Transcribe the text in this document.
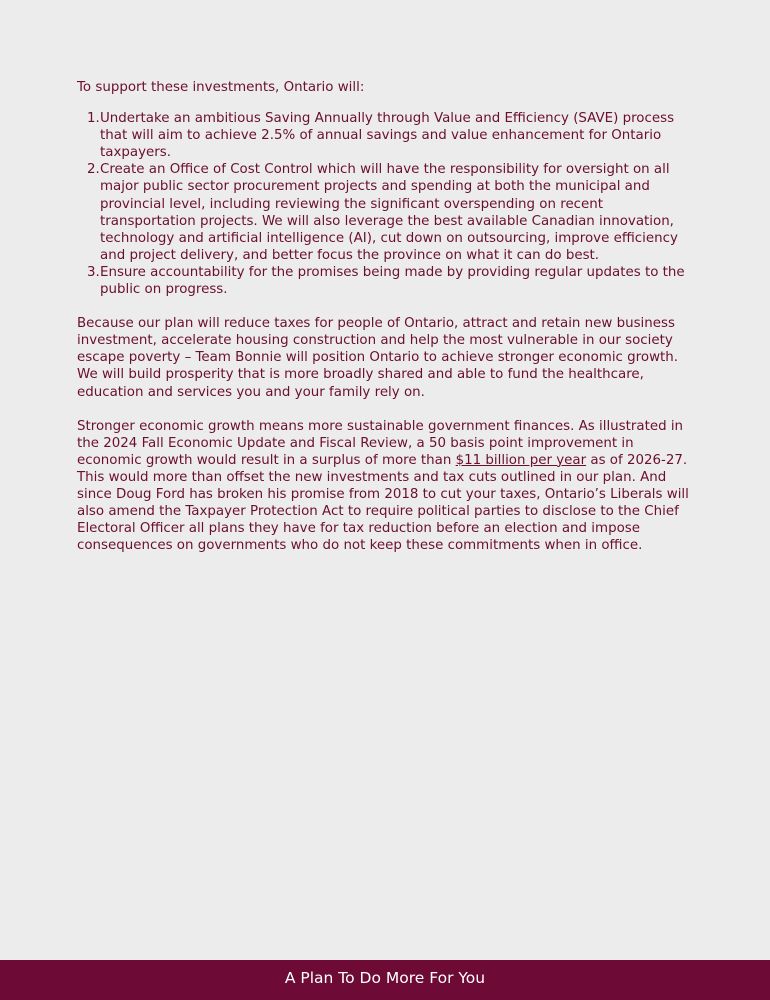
To support these investments, Ontario will:

1. Undertake an ambitious Saving Annually through Value and Efficiency (SAVE) process that will aim to achieve 2.5% of annual savings and value enhancement for Ontario taxpayers.
2. Create an Office of Cost Control which will have the responsibility for oversight on all major public sector procurement projects and spending at both the municipal and provincial level, including reviewing the significant overspending on recent transportation projects. We will also leverage the best available Canadian innovation, technology and artificial intelligence (AI), cut down on outsourcing, improve efficiency and project delivery, and better focus the province on what it can do best.
3. Ensure accountability for the promises being made by providing regular updates to the public on progress.

Because our plan will reduce taxes for people of Ontario, attract and retain new business investment, accelerate housing construction and help the most vulnerable in our society escape poverty – Team Bonnie will position Ontario to achieve stronger economic growth. We will build prosperity that is more broadly shared and able to fund the healthcare, education and services you and your family rely on.

Stronger economic growth means more sustainable government finances. As illustrated in the 2024 Fall Economic Update and Fiscal Review, a 50 basis point improvement in economic growth would result in a surplus of more than $11 billion per year as of 2026-27. This would more than offset the new investments and tax cuts outlined in our plan. And since Doug Ford has broken his promise from 2018 to cut your taxes, Ontario’s Liberals will also amend the Taxpayer Protection Act to require political parties to disclose to the Chief Electoral Officer all plans they have for tax reduction before an election and impose consequences on governments who do not keep these commitments when in office.

A Plan To Do More For You
